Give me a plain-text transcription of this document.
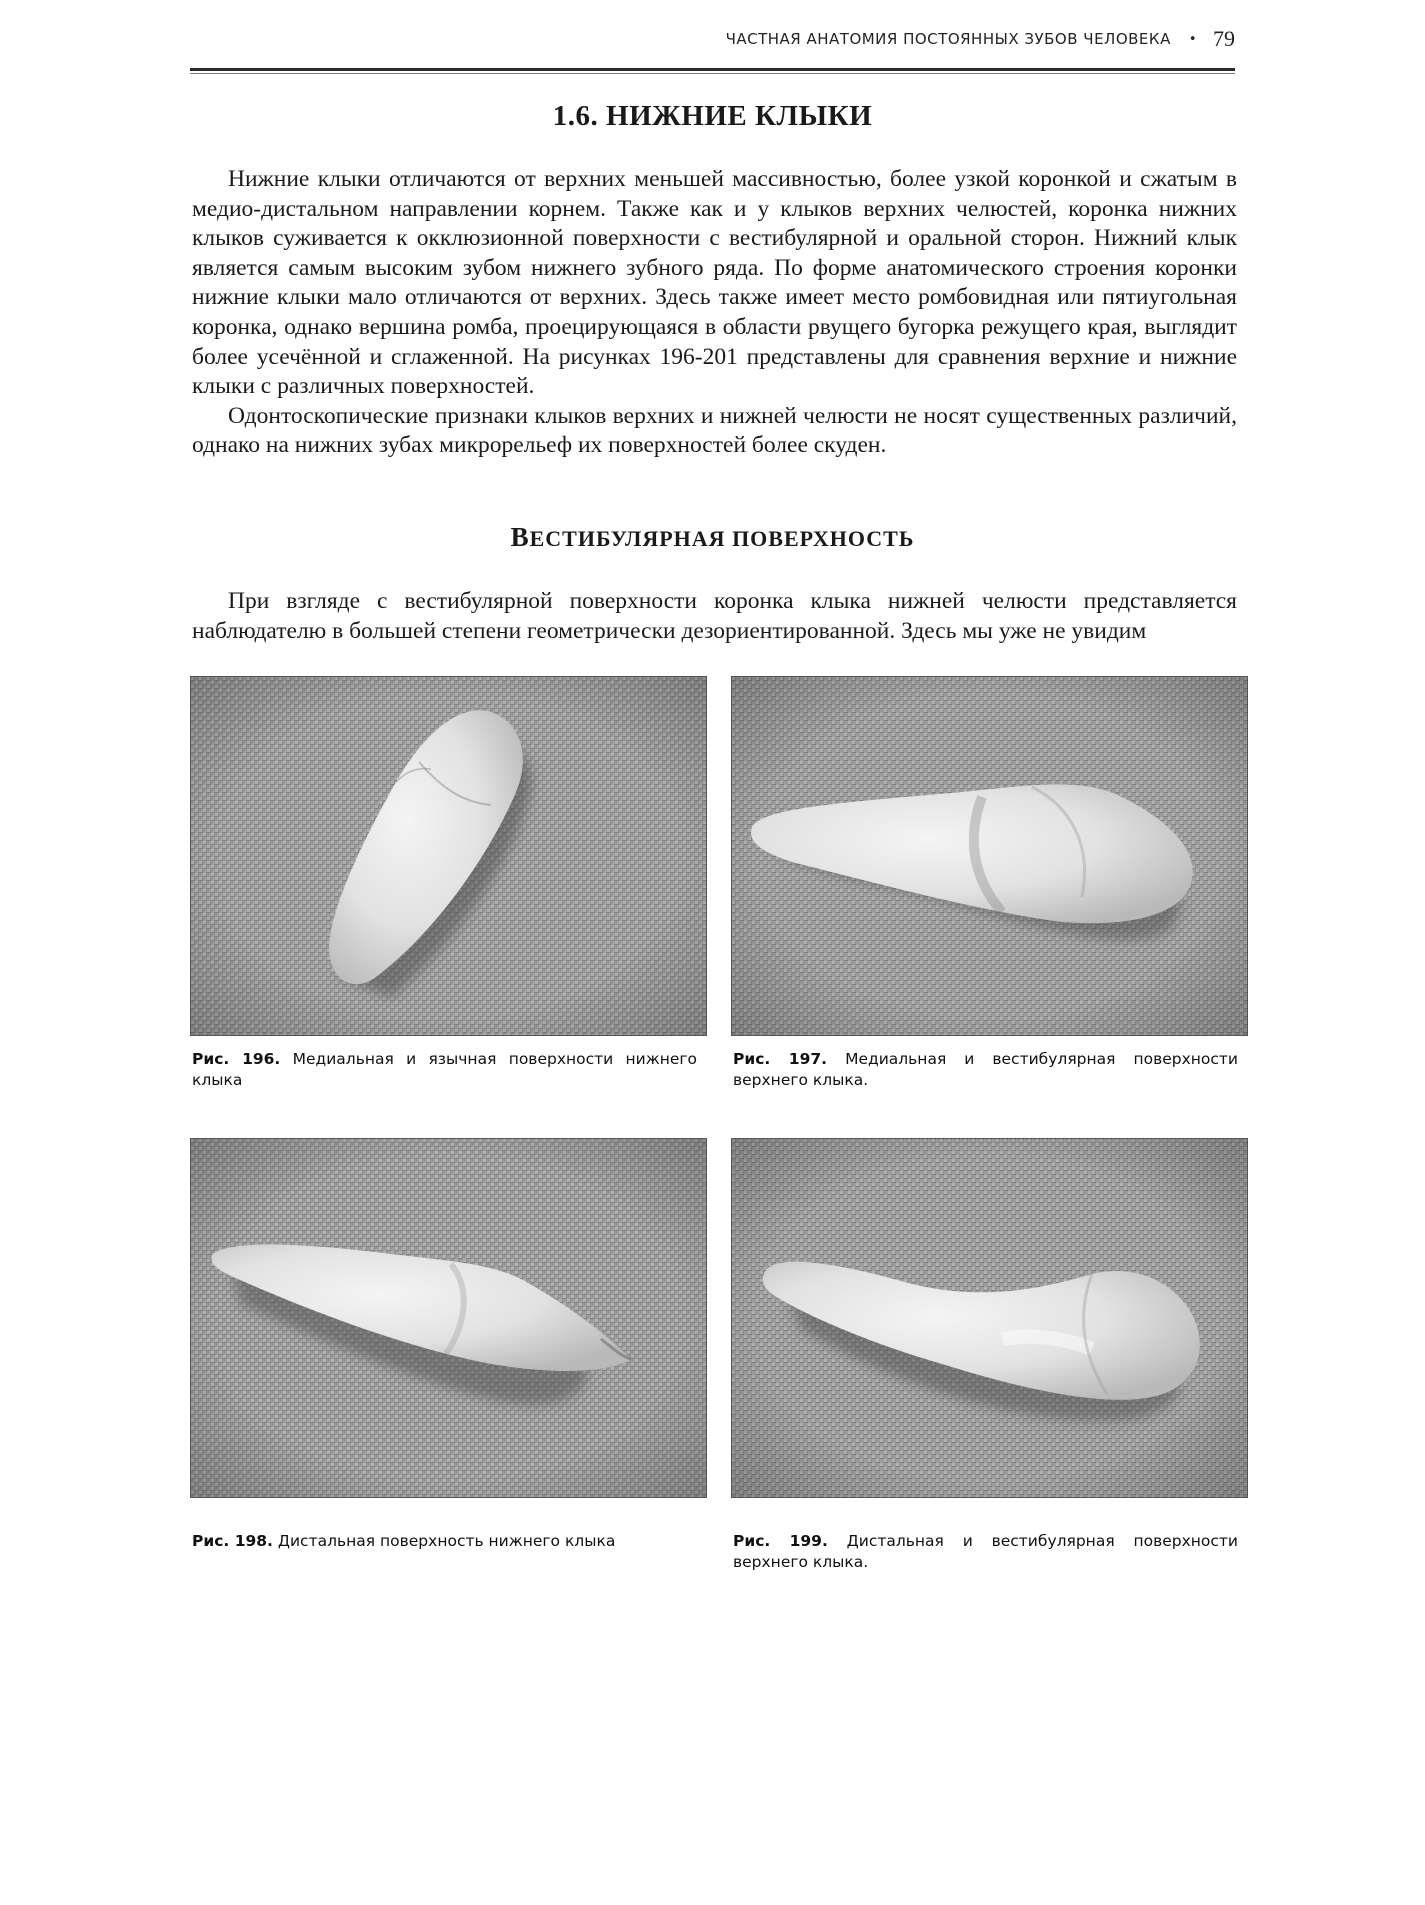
ЧАСТНАЯ АНАТОМИЯ ПОСТОЯННЫХ ЗУБОВ ЧЕЛОВЕКА • 79
1.6. НИЖНИЕ КЛЫКИ

Нижние клыки отличаются от верхних меньшей массивностью, более узкой коронкой и сжатым в медио-дистальном направлении корнем. Также как и у клыков верхних челюстей, коронка нижних клыков суживается к окклюзионной поверхности с вестибулярной и оральной сторон. Нижний клык является самым высоким зубом нижнего зубного ряда. По форме анатомического строения коронки нижние клыки мало отличаются от верхних. Здесь также имеет место ромбовидная или пятиугольная коронка, однако вершина ромба, проецирующаяся в области рвущего бугорка режущего края, выглядит более усечённой и сглаженной. На рисунках 196-201 представлены для сравнения верхние и нижние клыки с различных поверхностей.

Одонтоскопические признаки клыков верхних и нижней челюсти не носят существенных различий, однако на нижних зубах микрорельеф их поверхностей более скуден.

ВЕСТИБУЛЯРНАЯ ПОВЕРХНОСТЬ

При взгляде с вестибулярной поверхности коронка клыка нижней челюсти представляется наблюдателю в большей степени геометрически дезориентированной. Здесь мы уже не увидим

Рис. 196. Медиальная и язычная поверхности нижнего клыка
Рис. 197. Медиальная и вестибулярная поверхности верхнего клыка.
Рис. 198. Дистальная поверхность нижнего клыка	Рис. 199. Дистальная и вестибулярная поверхности верхнего клыка.
